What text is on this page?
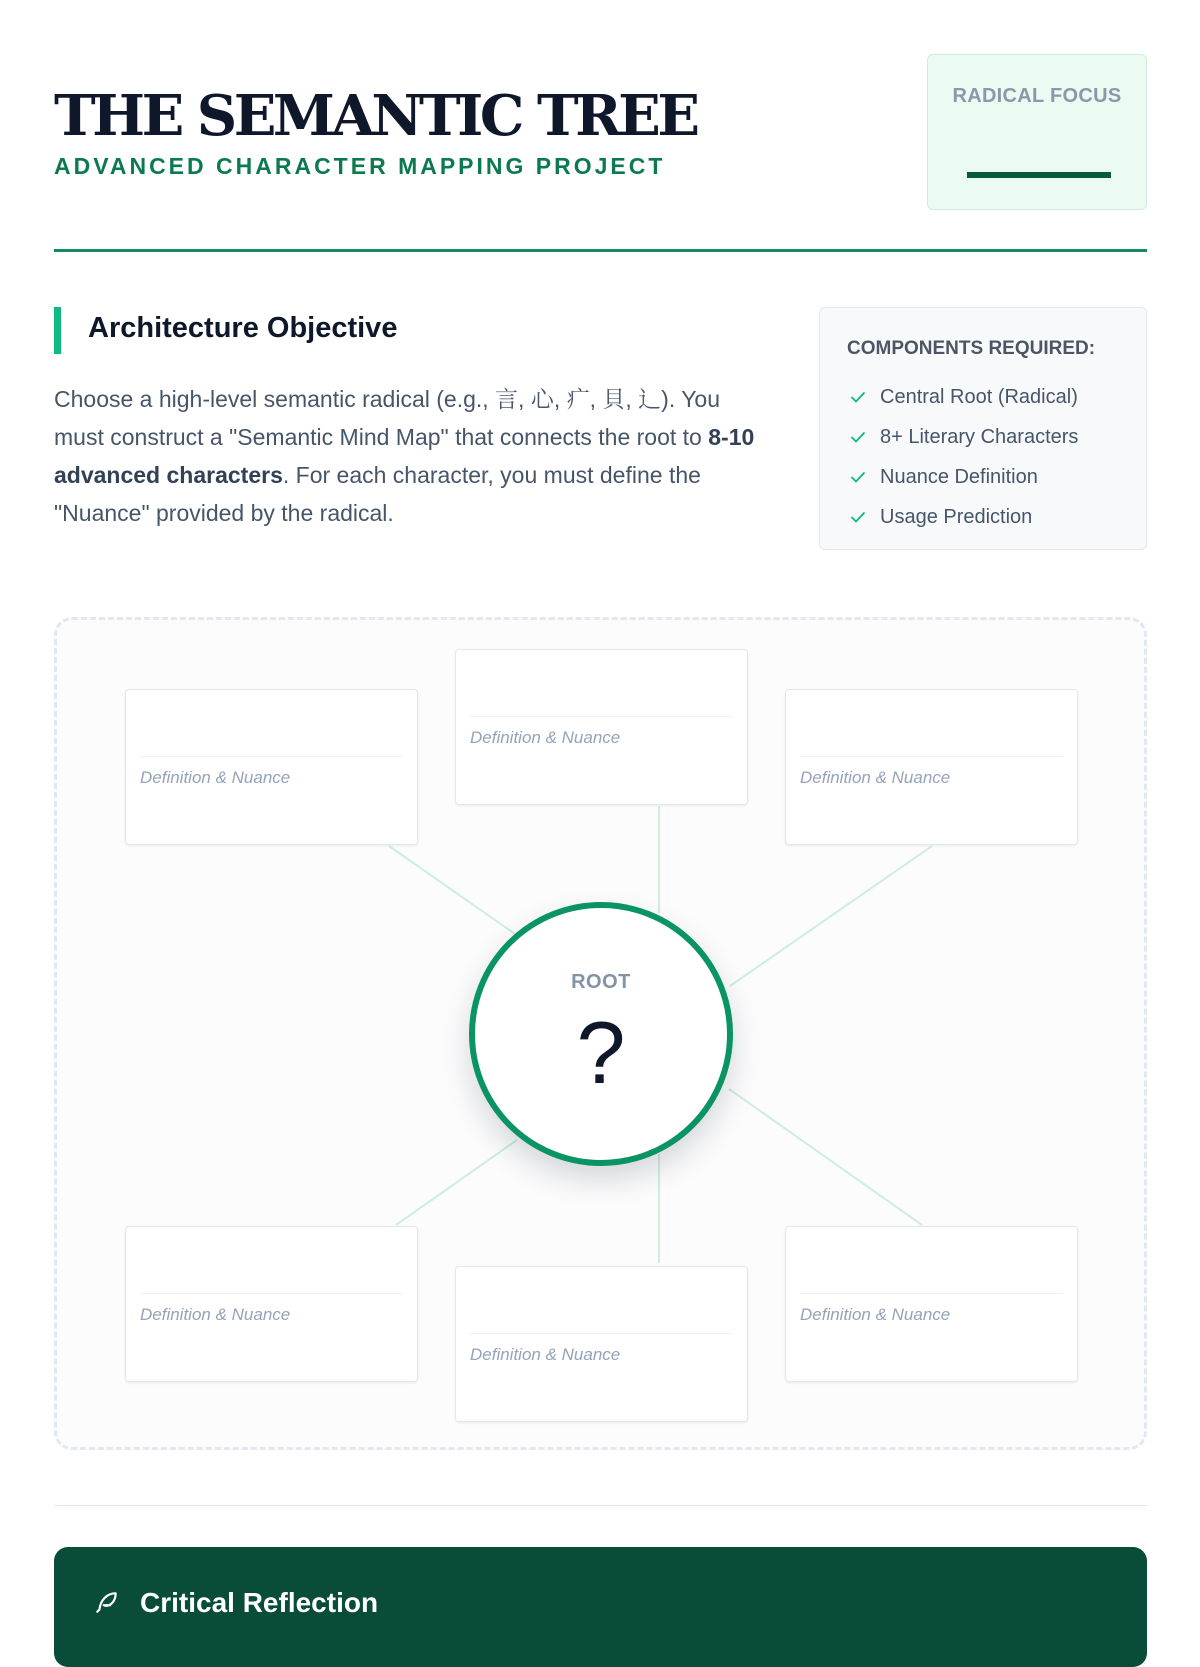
THE SEMANTIC TREE
ADVANCED CHARACTER MAPPING PROJECT
RADICAL FOCUS
Architecture Objective

Choose a high-level semantic radical (e.g., 言, 心, 疒, 貝, 辶). You must construct a "Semantic Mind Map" that connects the root to 8-10 advanced characters. For each character, you must define the "Nuance" provided by the radical.

COMPONENTS REQUIRED:
Central Root (Radical)
8+ Literary Characters
Nuance Definition
Usage Prediction
Definition & Nuance
Definition & Nuance
Definition & Nuance
Definition & Nuance
Definition & Nuance
Definition & Nuance
ROOT
?
Critical Reflection
